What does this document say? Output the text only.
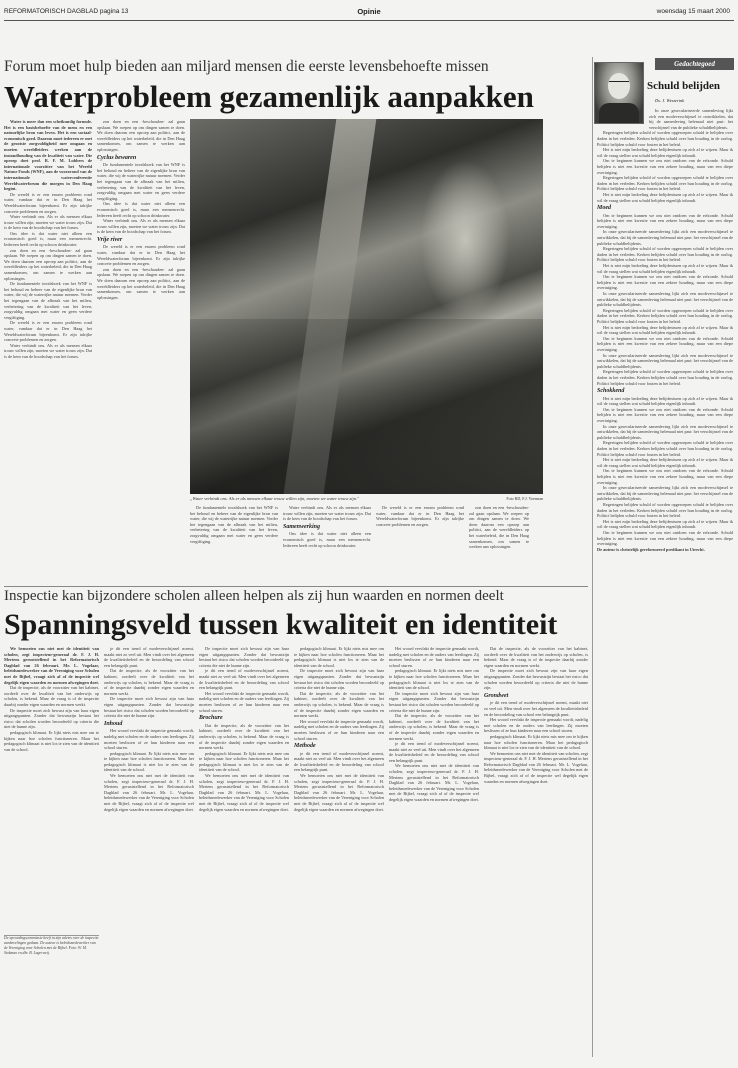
REFORMATORISCH DAGBLAD pagina 13	Opinie	woensdag 15 maart 2000
Forum moet hulp bieden aan miljard mensen die eerste levensbehoefte missen
Waterprobleem gezamenlijk aanpakken

Water is meer dan een scheikundig formule. Het is een basisbehoefte van de mens en een natuurlijke bron van leven. Het is een sociaal-economisch goed. Daarom moet iedereen er met de grootste zorgvuldigheid mee omgaan en moeten wereldleiders werken aan de instandhouding van de kwaliteit van water. Die oproep doet prof. R. F. M. Lubbers de internationale voorzitter van het Wereld Natuur Fonds (WNF), aan de vooravond van de internationale waterconferentie Wereldwaterforum die morgen in Den Haag begint.

De wereld is er een enorm probleem rond water, vandaar dat er in Den Haag het Wereldwaterforum bijeenkomt. Er zijn talrijke concrete problemen en zorgen.

Water verbindt ons. Als er als mensen elkaar trouw willen zijn, moeten we water trouw zijn. Dat is de kern van de boodschap van het forum.

Ons idee is dat water niet alleen een economisch goed is, maar een mensenrecht. Iedereen heeft recht op schoon drinkwater.

zon doen en een -beschouden- zal gaan opslaan. We roepen op om dingen samen te doen. We doen daarom een oproep aan politici, aan de wereldleiders op het waterbeleid, die in Den Haag samenkomen, om samen te werken aan oplossingen.

De fundamentele invalshoek van het WNF is het behoud en beheer van de eigenlijke bron van water, die wij de waterrijke natuur noemen. Verder het tegengaan van de afbraak van het milieu, verbetering van de kwaliteit van het leven, zorgvuldig omgaan met water en geen verdere vergiftiging.

De wereld is er een enorm probleem rond water, vandaar dat er in Den Haag het Wereldwaterforum bijeenkomt. Er zijn talrijke concrete problemen en zorgen.

Water verbindt ons. Als er als mensen elkaar trouw willen zijn, moeten we water trouw zijn. Dat is de kern van de boodschap van het forum.

zon doen en een -beschouden- zal gaan opslaan. We roepen op om dingen samen te doen. We doen daarom een oproep aan politici, aan de wereldleiders op het waterbeleid, die in Den Haag samenkomen, om samen te werken aan oplossingen.

Cyclus bewaren

De fundamentele invalshoek van het WNF is het behoud en beheer van de eigenlijke bron van water, die wij de waterrijke natuur noemen. Verder het tegengaan van de afbraak van het milieu, verbetering van de kwaliteit van het leven, zorgvuldig omgaan met water en geen verdere vergiftiging.

Ons idee is dat water niet alleen een economisch goed is, maar een mensenrecht. Iedereen heeft recht op schoon drinkwater.

Water verbindt ons. Als er als mensen elkaar trouw willen zijn, moeten we water trouw zijn. Dat is de kern van de boodschap van het forum.

Vrije river

De wereld is er een enorm probleem rond water, vandaar dat er in Den Haag het Wereldwaterforum bijeenkomt. Er zijn talrijke concrete problemen en zorgen.

zon doen en een -beschouden- zal gaan opslaan. We roepen op om dingen samen te doen. We doen daarom een oproep aan politici, aan de wereldleiders op het waterbeleid, die in Den Haag samenkomen, om samen te werken aan oplossingen.

„Water verbindt ons. Als er als mensen elkaar trouw willen zijn, moeten we water trouw zijn."	Foto RD, F.J. Voerman

De fundamentele invalshoek van het WNF is het behoud en beheer van de eigenlijke bron van water, die wij de waterrijke natuur noemen. Verder het tegengaan van de afbraak van het milieu, verbetering van de kwaliteit van het leven, zorgvuldig omgaan met water en geen verdere vergiftiging.

Water verbindt ons. Als er als mensen elkaar trouw willen zijn, moeten we water trouw zijn. Dat is de kern van de boodschap van het forum.

Samenwerking

Ons idee is dat water niet alleen een economisch goed is, maar een mensenrecht. Iedereen heeft recht op schoon drinkwater.

De wereld is er een enorm probleem rond water, vandaar dat er in Den Haag het Wereldwaterforum bijeenkomt. Er zijn talrijke concrete problemen en zorgen.

zon doen en een -beschouden- zal gaan opslaan. We roepen op om dingen samen te doen. We doen daarom een oproep aan politici, aan de wereldleiders op het waterbeleid, die in Den Haag samenkomen, om samen te werken aan oplossingen.

Gedachtegoed
Schuld belijden
Ds. J. Westerink

In onze geseculariseerde samenleving lijkt zich een modeverschijnsel te ontwikkelen, dat bij de samenleving helemaal niet past: het verschijnsel van de publieke schuldbelijdenis.

Regeringen belijden schuld of worden opgeroepen schuld te belijden over daden in het verleden. Kerken belijden schuld over hun houding in de oorlog. Politici belijden schuld voor fouten in het beleid.

Het is niet mijn bedoeling deze belijdenissen op zich af te wijzen. Maar ik wil de vraag stellen wat schuld belijden eigenlijk inhoudt.

Om te beginnen kunnen we ons niet ontdoen van de erfzonde. Schuld belijden is niet een kwestie van een zekere houding, maar van een diepe overtuiging.

Regeringen belijden schuld of worden opgeroepen schuld te belijden over daden in het verleden. Kerken belijden schuld over hun houding in de oorlog. Politici belijden schuld voor fouten in het beleid.

Het is niet mijn bedoeling deze belijdenissen op zich af te wijzen. Maar ik wil de vraag stellen wat schuld belijden eigenlijk inhoudt.

Moed

Om te beginnen kunnen we ons niet ontdoen van de erfzonde. Schuld belijden is niet een kwestie van een zekere houding, maar van een diepe overtuiging.

In onze geseculariseerde samenleving lijkt zich een modeverschijnsel te ontwikkelen, dat bij de samenleving helemaal niet past: het verschijnsel van de publieke schuldbelijdenis.

Regeringen belijden schuld of worden opgeroepen schuld te belijden over daden in het verleden. Kerken belijden schuld over hun houding in de oorlog. Politici belijden schuld voor fouten in het beleid.

Het is niet mijn bedoeling deze belijdenissen op zich af te wijzen. Maar ik wil de vraag stellen wat schuld belijden eigenlijk inhoudt.

Om te beginnen kunnen we ons niet ontdoen van de erfzonde. Schuld belijden is niet een kwestie van een zekere houding, maar van een diepe overtuiging.

In onze geseculariseerde samenleving lijkt zich een modeverschijnsel te ontwikkelen, dat bij de samenleving helemaal niet past: het verschijnsel van de publieke schuldbelijdenis.

Regeringen belijden schuld of worden opgeroepen schuld te belijden over daden in het verleden. Kerken belijden schuld over hun houding in de oorlog. Politici belijden schuld voor fouten in het beleid.

Het is niet mijn bedoeling deze belijdenissen op zich af te wijzen. Maar ik wil de vraag stellen wat schuld belijden eigenlijk inhoudt.

Om te beginnen kunnen we ons niet ontdoen van de erfzonde. Schuld belijden is niet een kwestie van een zekere houding, maar van een diepe overtuiging.

In onze geseculariseerde samenleving lijkt zich een modeverschijnsel te ontwikkelen, dat bij de samenleving helemaal niet past: het verschijnsel van de publieke schuldbelijdenis.

Regeringen belijden schuld of worden opgeroepen schuld te belijden over daden in het verleden. Kerken belijden schuld over hun houding in de oorlog. Politici belijden schuld voor fouten in het beleid.

Schokkend

Het is niet mijn bedoeling deze belijdenissen op zich af te wijzen. Maar ik wil de vraag stellen wat schuld belijden eigenlijk inhoudt.

Om te beginnen kunnen we ons niet ontdoen van de erfzonde. Schuld belijden is niet een kwestie van een zekere houding, maar van een diepe overtuiging.

In onze geseculariseerde samenleving lijkt zich een modeverschijnsel te ontwikkelen, dat bij de samenleving helemaal niet past: het verschijnsel van de publieke schuldbelijdenis.

Regeringen belijden schuld of worden opgeroepen schuld te belijden over daden in het verleden. Kerken belijden schuld over hun houding in de oorlog. Politici belijden schuld voor fouten in het beleid.

Het is niet mijn bedoeling deze belijdenissen op zich af te wijzen. Maar ik wil de vraag stellen wat schuld belijden eigenlijk inhoudt.

Om te beginnen kunnen we ons niet ontdoen van de erfzonde. Schuld belijden is niet een kwestie van een zekere houding, maar van een diepe overtuiging.

In onze geseculariseerde samenleving lijkt zich een modeverschijnsel te ontwikkelen, dat bij de samenleving helemaal niet past: het verschijnsel van de publieke schuldbelijdenis.

Regeringen belijden schuld of worden opgeroepen schuld te belijden over daden in het verleden. Kerken belijden schuld over hun houding in de oorlog. Politici belijden schuld voor fouten in het beleid.

Het is niet mijn bedoeling deze belijdenissen op zich af te wijzen. Maar ik wil de vraag stellen wat schuld belijden eigenlijk inhoudt.

Om te beginnen kunnen we ons niet ontdoen van de erfzonde. Schuld belijden is niet een kwestie van een zekere houding, maar van een diepe overtuiging.

De auteur is christelijk gereformeerd predikant in Utrecht.

Inspectie kan bijzondere scholen alleen helpen als zij hun waarden en normen deelt
Spanningsveld tussen kwaliteit en identiteit

We bemoeien ons niet met de identiteit van scholen, zegt inspecteur-generaal dr. F. J. H. Mertens geruststellend in het Reformatorisch Dagblad van 26 februari. Mr. L. Vogelaar, beleidsmedewerker van de Vereniging voor Scholen met de Bijbel, vraagt zich af of de inspectie wel degelijk eigen waarden en normen afwegingen doet.

Dat de inspectie, als de voorzitter van het kabinet, oordeelt over de kwaliteit van het onderwijs op scholen, is bekend. Maar de vraag is of de inspectie daarbij zonder eigen waarden en normen werkt.

De inspectie moet zich bewust zijn van haar eigen uitgangspunten. Zonder dat bewustzijn bestaat het risico dat scholen worden beoordeeld op criteria die niet de hunne zijn.

pedagogisch klimaat. Er lijkt niets mis mee om te kijken naar hoe scholen functioneren. Maar het pedagogisch klimaat is niet los te zien van de identiteit van de school.

je dit een trend of modeverschijnsel noemt, maakt niet zo veel uit. Men vindt over het algemeen de kwaliteitsbeleid en de beoordeling van school een belangrijk punt.

Dat de inspectie, als de voorzitter van het kabinet, oordeelt over de kwaliteit van het onderwijs op scholen, is bekend. Maar de vraag is of de inspectie daarbij zonder eigen waarden en normen werkt.

De inspectie moet zich bewust zijn van haar eigen uitgangspunten. Zonder dat bewustzijn bestaat het risico dat scholen worden beoordeeld op criteria die niet de hunne zijn.

Inhoud

Het woord vervlakt de inspectie gemaakt wordt, nadelig met scholen en de ouders van leerlingen. Zij moeten beslissen of ze hun kinderen naar een school sturen.

pedagogisch klimaat. Er lijkt niets mis mee om te kijken naar hoe scholen functioneren. Maar het pedagogisch klimaat is niet los te zien van de identiteit van de school.

We bemoeien ons niet met de identiteit van scholen, zegt inspecteur-generaal dr. F. J. H. Mertens geruststellend in het Reformatorisch Dagblad van 26 februari. Mr. L. Vogelaar, beleidsmedewerker van de Vereniging voor Scholen met de Bijbel, vraagt zich af of de inspectie wel degelijk eigen waarden en normen afwegingen doet.

De inspectie moet zich bewust zijn van haar eigen uitgangspunten. Zonder dat bewustzijn bestaat het risico dat scholen worden beoordeeld op criteria die niet de hunne zijn.

je dit een trend of modeverschijnsel noemt, maakt niet zo veel uit. Men vindt over het algemeen de kwaliteitsbeleid en de beoordeling van school een belangrijk punt.

Het woord vervlakt de inspectie gemaakt wordt, nadelig met scholen en de ouders van leerlingen. Zij moeten beslissen of ze hun kinderen naar een school sturen.

Brochure

Dat de inspectie, als de voorzitter van het kabinet, oordeelt over de kwaliteit van het onderwijs op scholen, is bekend. Maar de vraag is of de inspectie daarbij zonder eigen waarden en normen werkt.

pedagogisch klimaat. Er lijkt niets mis mee om te kijken naar hoe scholen functioneren. Maar het pedagogisch klimaat is niet los te zien van de identiteit van de school.

We bemoeien ons niet met de identiteit van scholen, zegt inspecteur-generaal dr. F. J. H. Mertens geruststellend in het Reformatorisch Dagblad van 26 februari. Mr. L. Vogelaar, beleidsmedewerker van de Vereniging voor Scholen met de Bijbel, vraagt zich af of de inspectie wel degelijk eigen waarden en normen afwegingen doet.

pedagogisch klimaat. Er lijkt niets mis mee om te kijken naar hoe scholen functioneren. Maar het pedagogisch klimaat is niet los te zien van de identiteit van de school.

De inspectie moet zich bewust zijn van haar eigen uitgangspunten. Zonder dat bewustzijn bestaat het risico dat scholen worden beoordeeld op criteria die niet de hunne zijn.

Dat de inspectie, als de voorzitter van het kabinet, oordeelt over de kwaliteit van het onderwijs op scholen, is bekend. Maar de vraag is of de inspectie daarbij zonder eigen waarden en normen werkt.

Het woord vervlakt de inspectie gemaakt wordt, nadelig met scholen en de ouders van leerlingen. Zij moeten beslissen of ze hun kinderen naar een school sturen.

Methode

je dit een trend of modeverschijnsel noemt, maakt niet zo veel uit. Men vindt over het algemeen de kwaliteitsbeleid en de beoordeling van school een belangrijk punt.

We bemoeien ons niet met de identiteit van scholen, zegt inspecteur-generaal dr. F. J. H. Mertens geruststellend in het Reformatorisch Dagblad van 26 februari. Mr. L. Vogelaar, beleidsmedewerker van de Vereniging voor Scholen met de Bijbel, vraagt zich af of de inspectie wel degelijk eigen waarden en normen afwegingen doet.

Het woord vervlakt de inspectie gemaakt wordt, nadelig met scholen en de ouders van leerlingen. Zij moeten beslissen of ze hun kinderen naar een school sturen.

pedagogisch klimaat. Er lijkt niets mis mee om te kijken naar hoe scholen functioneren. Maar het pedagogisch klimaat is niet los te zien van de identiteit van de school.

De inspectie moet zich bewust zijn van haar eigen uitgangspunten. Zonder dat bewustzijn bestaat het risico dat scholen worden beoordeeld op criteria die niet de hunne zijn.

Dat de inspectie, als de voorzitter van het kabinet, oordeelt over de kwaliteit van het onderwijs op scholen, is bekend. Maar de vraag is of de inspectie daarbij zonder eigen waarden en normen werkt.

je dit een trend of modeverschijnsel noemt, maakt niet zo veel uit. Men vindt over het algemeen de kwaliteitsbeleid en de beoordeling van school een belangrijk punt.

We bemoeien ons niet met de identiteit van scholen, zegt inspecteur-generaal dr. F. J. H. Mertens geruststellend in het Reformatorisch Dagblad van 26 februari. Mr. L. Vogelaar, beleidsmedewerker van de Vereniging voor Scholen met de Bijbel, vraagt zich af of de inspectie wel degelijk eigen waarden en normen afwegingen doet.

Dat de inspectie, als de voorzitter van het kabinet, oordeelt over de kwaliteit van het onderwijs op scholen, is bekend. Maar de vraag is of de inspectie daarbij zonder eigen waarden en normen werkt.

De inspectie moet zich bewust zijn van haar eigen uitgangspunten. Zonder dat bewustzijn bestaat het risico dat scholen worden beoordeeld op criteria die niet de hunne zijn.

Grondwet

je dit een trend of modeverschijnsel noemt, maakt niet zo veel uit. Men vindt over het algemeen de kwaliteitsbeleid en de beoordeling van school een belangrijk punt.

Het woord vervlakt de inspectie gemaakt wordt, nadelig met scholen en de ouders van leerlingen. Zij moeten beslissen of ze hun kinderen naar een school sturen.

pedagogisch klimaat. Er lijkt niets mis mee om te kijken naar hoe scholen functioneren. Maar het pedagogisch klimaat is niet los te zien van de identiteit van de school.

We bemoeien ons niet met de identiteit van scholen, zegt inspecteur-generaal dr. F. J. H. Mertens geruststellend in het Reformatorisch Dagblad van 26 februari. Mr. L. Vogelaar, beleidsmedewerker van de Vereniging voor Scholen met de Bijbel, vraagt zich af of de inspectie wel degelijk eigen waarden en normen afwegingen doet.

De opvoedingscommissie heeft in zijn advies over de inspectie aanbevelingen gedaan. De auteur is beleidsmedewerker van de Vereniging voor Scholen met de Bijbel. Foto: W. M. Stokman en dhr. B. Lagerweij.
